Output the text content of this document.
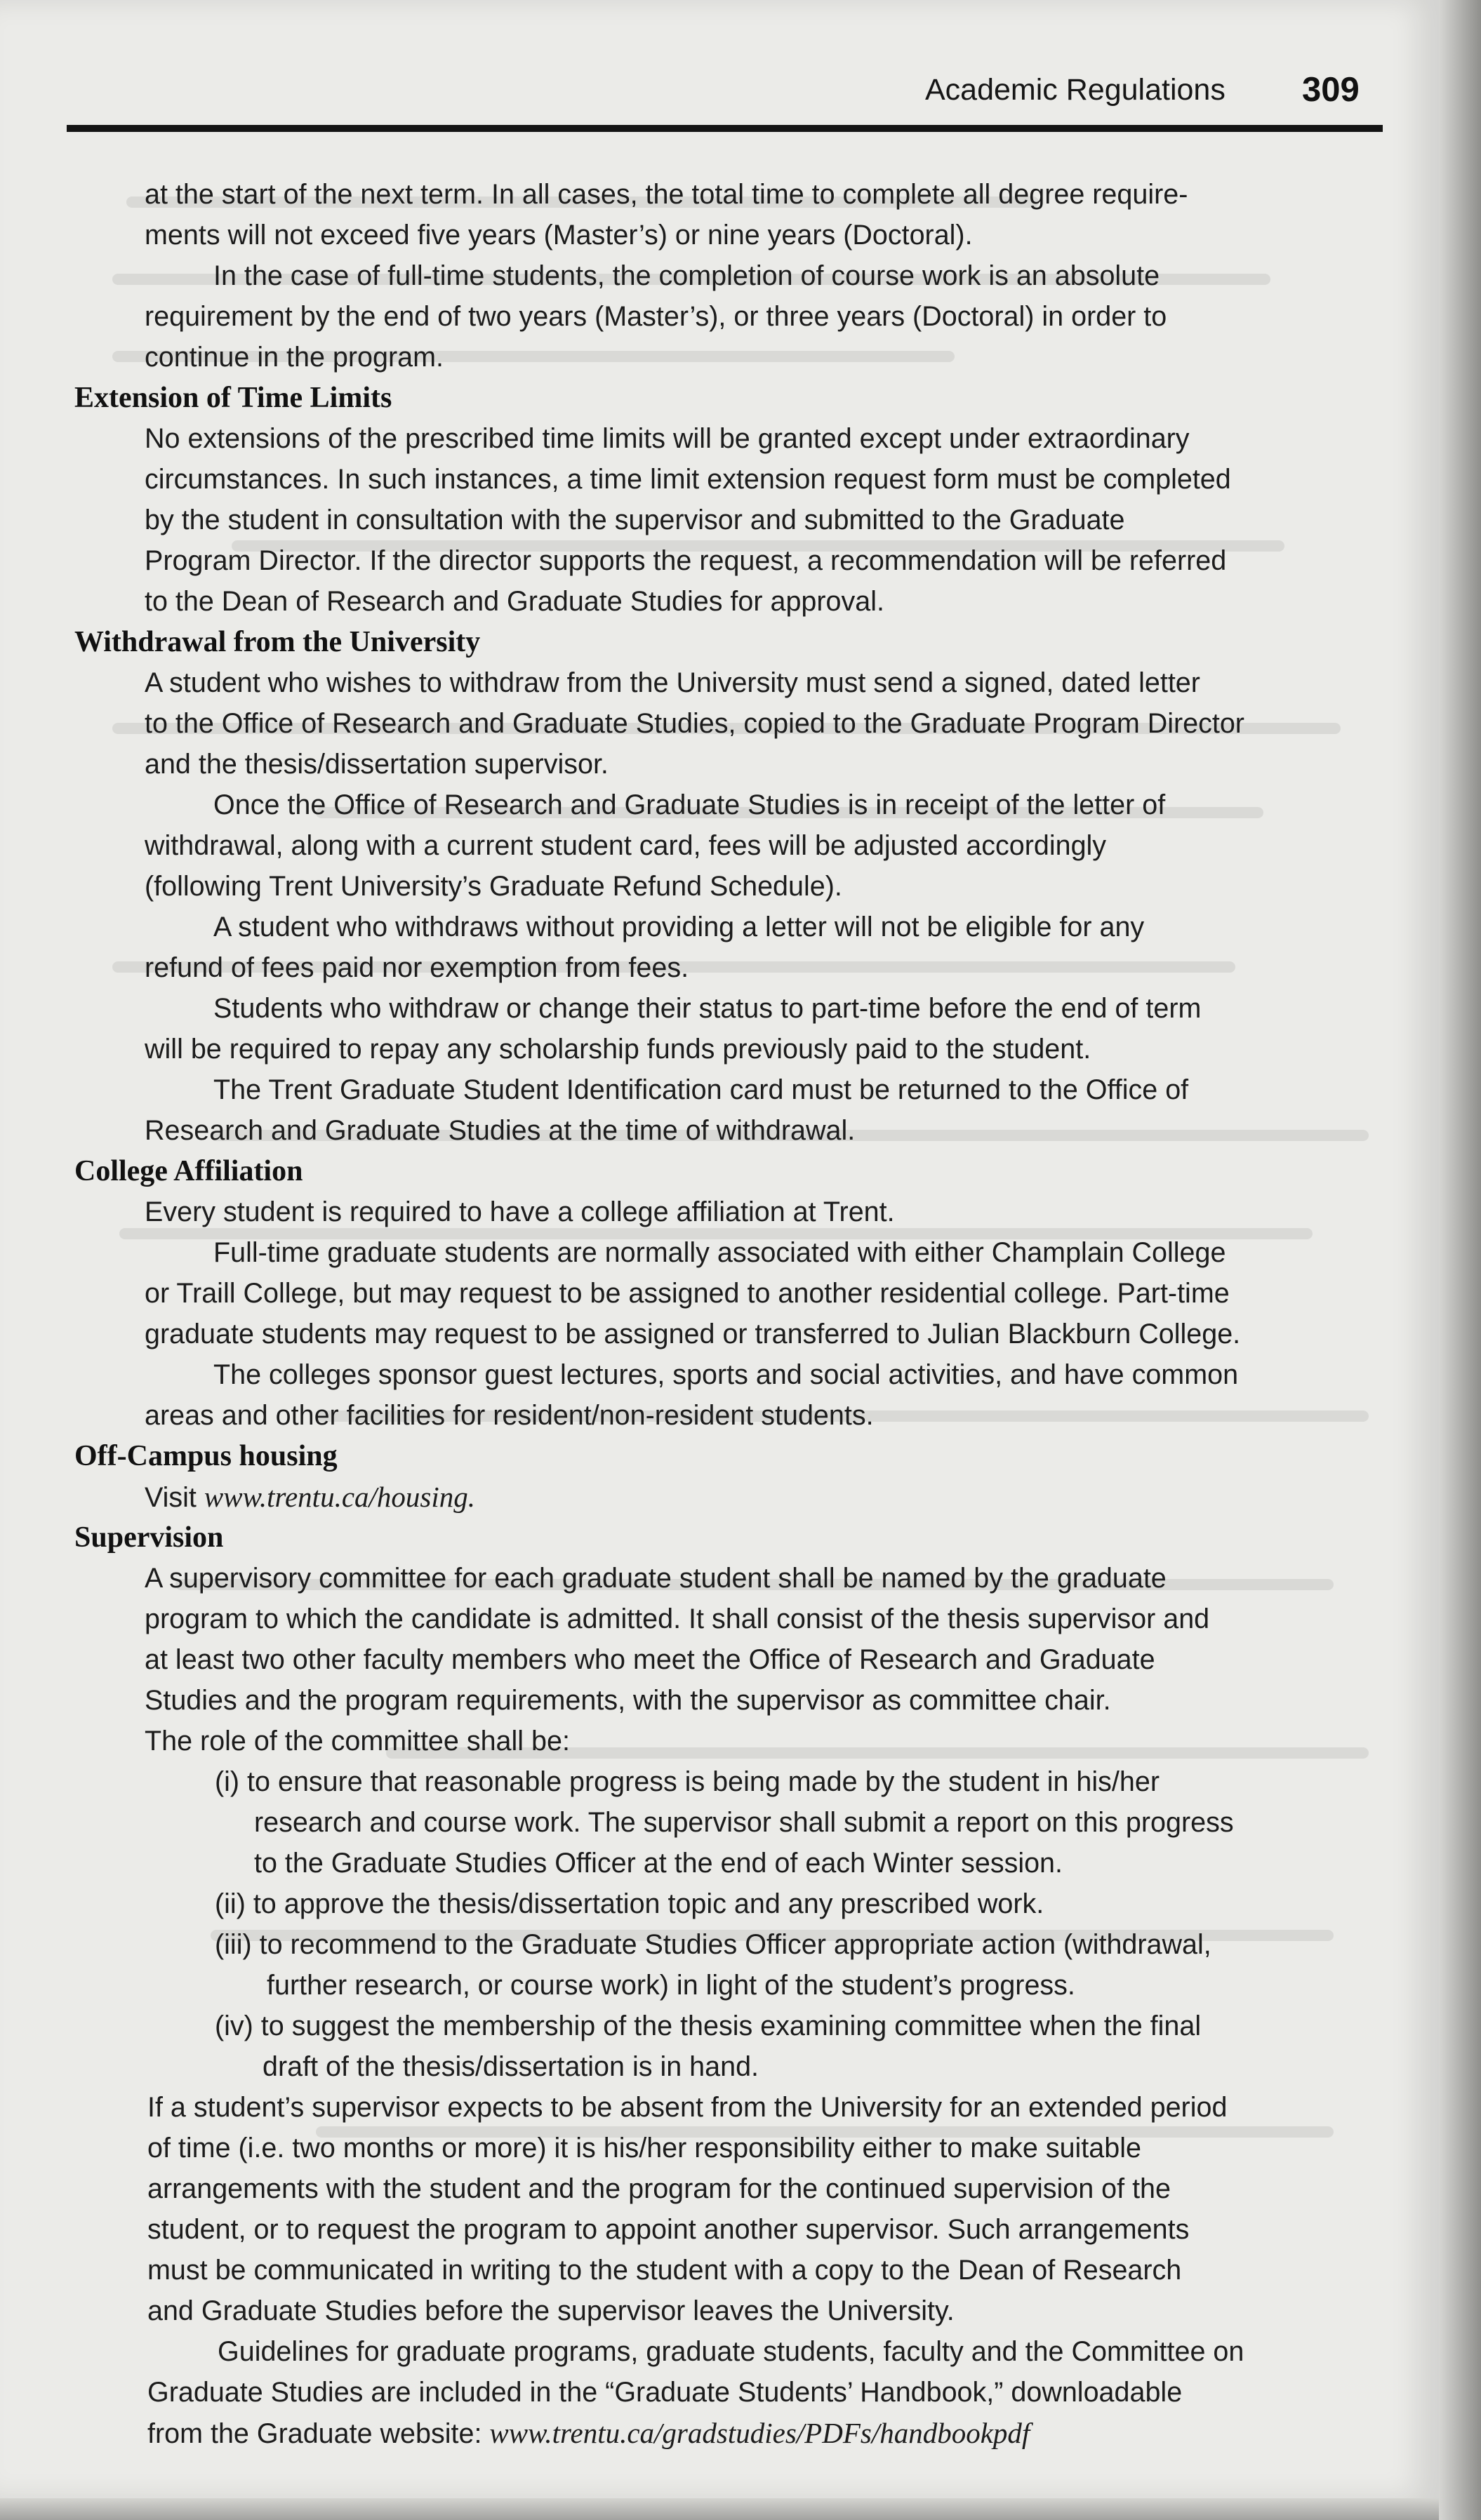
Academic Regulations 309
at the start of the next term. In all cases, the total time to complete all degree require-
ments will not exceed five years (Master’s) or nine years (Doctoral).
In the case of full-time students, the completion of course work is an absolute
requirement by the end of two years (Master’s), or three years (Doctoral) in order to
continue in the program.
Extension of Time Limits
No extensions of the prescribed time limits will be granted except under extraordinary
circumstances. In such instances, a time limit extension request form must be completed
by the student in consultation with the supervisor and submitted to the Graduate
Program Director. If the director supports the request, a recommendation will be referred
to the Dean of Research and Graduate Studies for approval.
Withdrawal from the University
A student who wishes to withdraw from the University must send a signed, dated letter
to the Office of Research and Graduate Studies, copied to the Graduate Program Director
and the thesis/dissertation supervisor.
Once the Office of Research and Graduate Studies is in receipt of the letter of
withdrawal, along with a current student card, fees will be adjusted accordingly
(following Trent University’s Graduate Refund Schedule).
A student who withdraws without providing a letter will not be eligible for any
refund of fees paid nor exemption from fees.
Students who withdraw or change their status to part-time before the end of term
will be required to repay any scholarship funds previously paid to the student.
The Trent Graduate Student Identification card must be returned to the Office of
Research and Graduate Studies at the time of withdrawal.
College Affiliation
Every student is required to have a college affiliation at Trent.
Full-time graduate students are normally associated with either Champlain College
or Traill College, but may request to be assigned to another residential college. Part-time
graduate students may request to be assigned or transferred to Julian Blackburn College.
The colleges sponsor guest lectures, sports and social activities, and have common
areas and other facilities for resident/non-resident students.
Off-Campus housing
Visit www.trentu.ca/housing.
Supervision
A supervisory committee for each graduate student shall be named by the graduate
program to which the candidate is admitted. It shall consist of the thesis supervisor and
at least two other faculty members who meet the Office of Research and Graduate
Studies and the program requirements, with the supervisor as committee chair.
The role of the committee shall be:
(i) to ensure that reasonable progress is being made by the student in his/her
research and course work. The supervisor shall submit a report on this progress
to the Graduate Studies Officer at the end of each Winter session.
(ii) to approve the thesis/dissertation topic and any prescribed work.
(iii) to recommend to the Graduate Studies Officer appropriate action (withdrawal,
further research, or course work) in light of the student’s progress.
(iv) to suggest the membership of the thesis examining committee when the final
draft of the thesis/dissertation is in hand.
If a student’s supervisor expects to be absent from the University for an extended period
of time (i.e. two months or more) it is his/her responsibility either to make suitable
arrangements with the student and the program for the continued supervision of the
student, or to request the program to appoint another supervisor. Such arrangements
must be communicated in writing to the student with a copy to the Dean of Research
and Graduate Studies before the supervisor leaves the University.
Guidelines for graduate programs, graduate students, faculty and the Committee on
Graduate Studies are included in the “Graduate Students’ Handbook,” downloadable
from the Graduate website: www.trentu.ca/gradstudies/PDFs/handbookpdf
